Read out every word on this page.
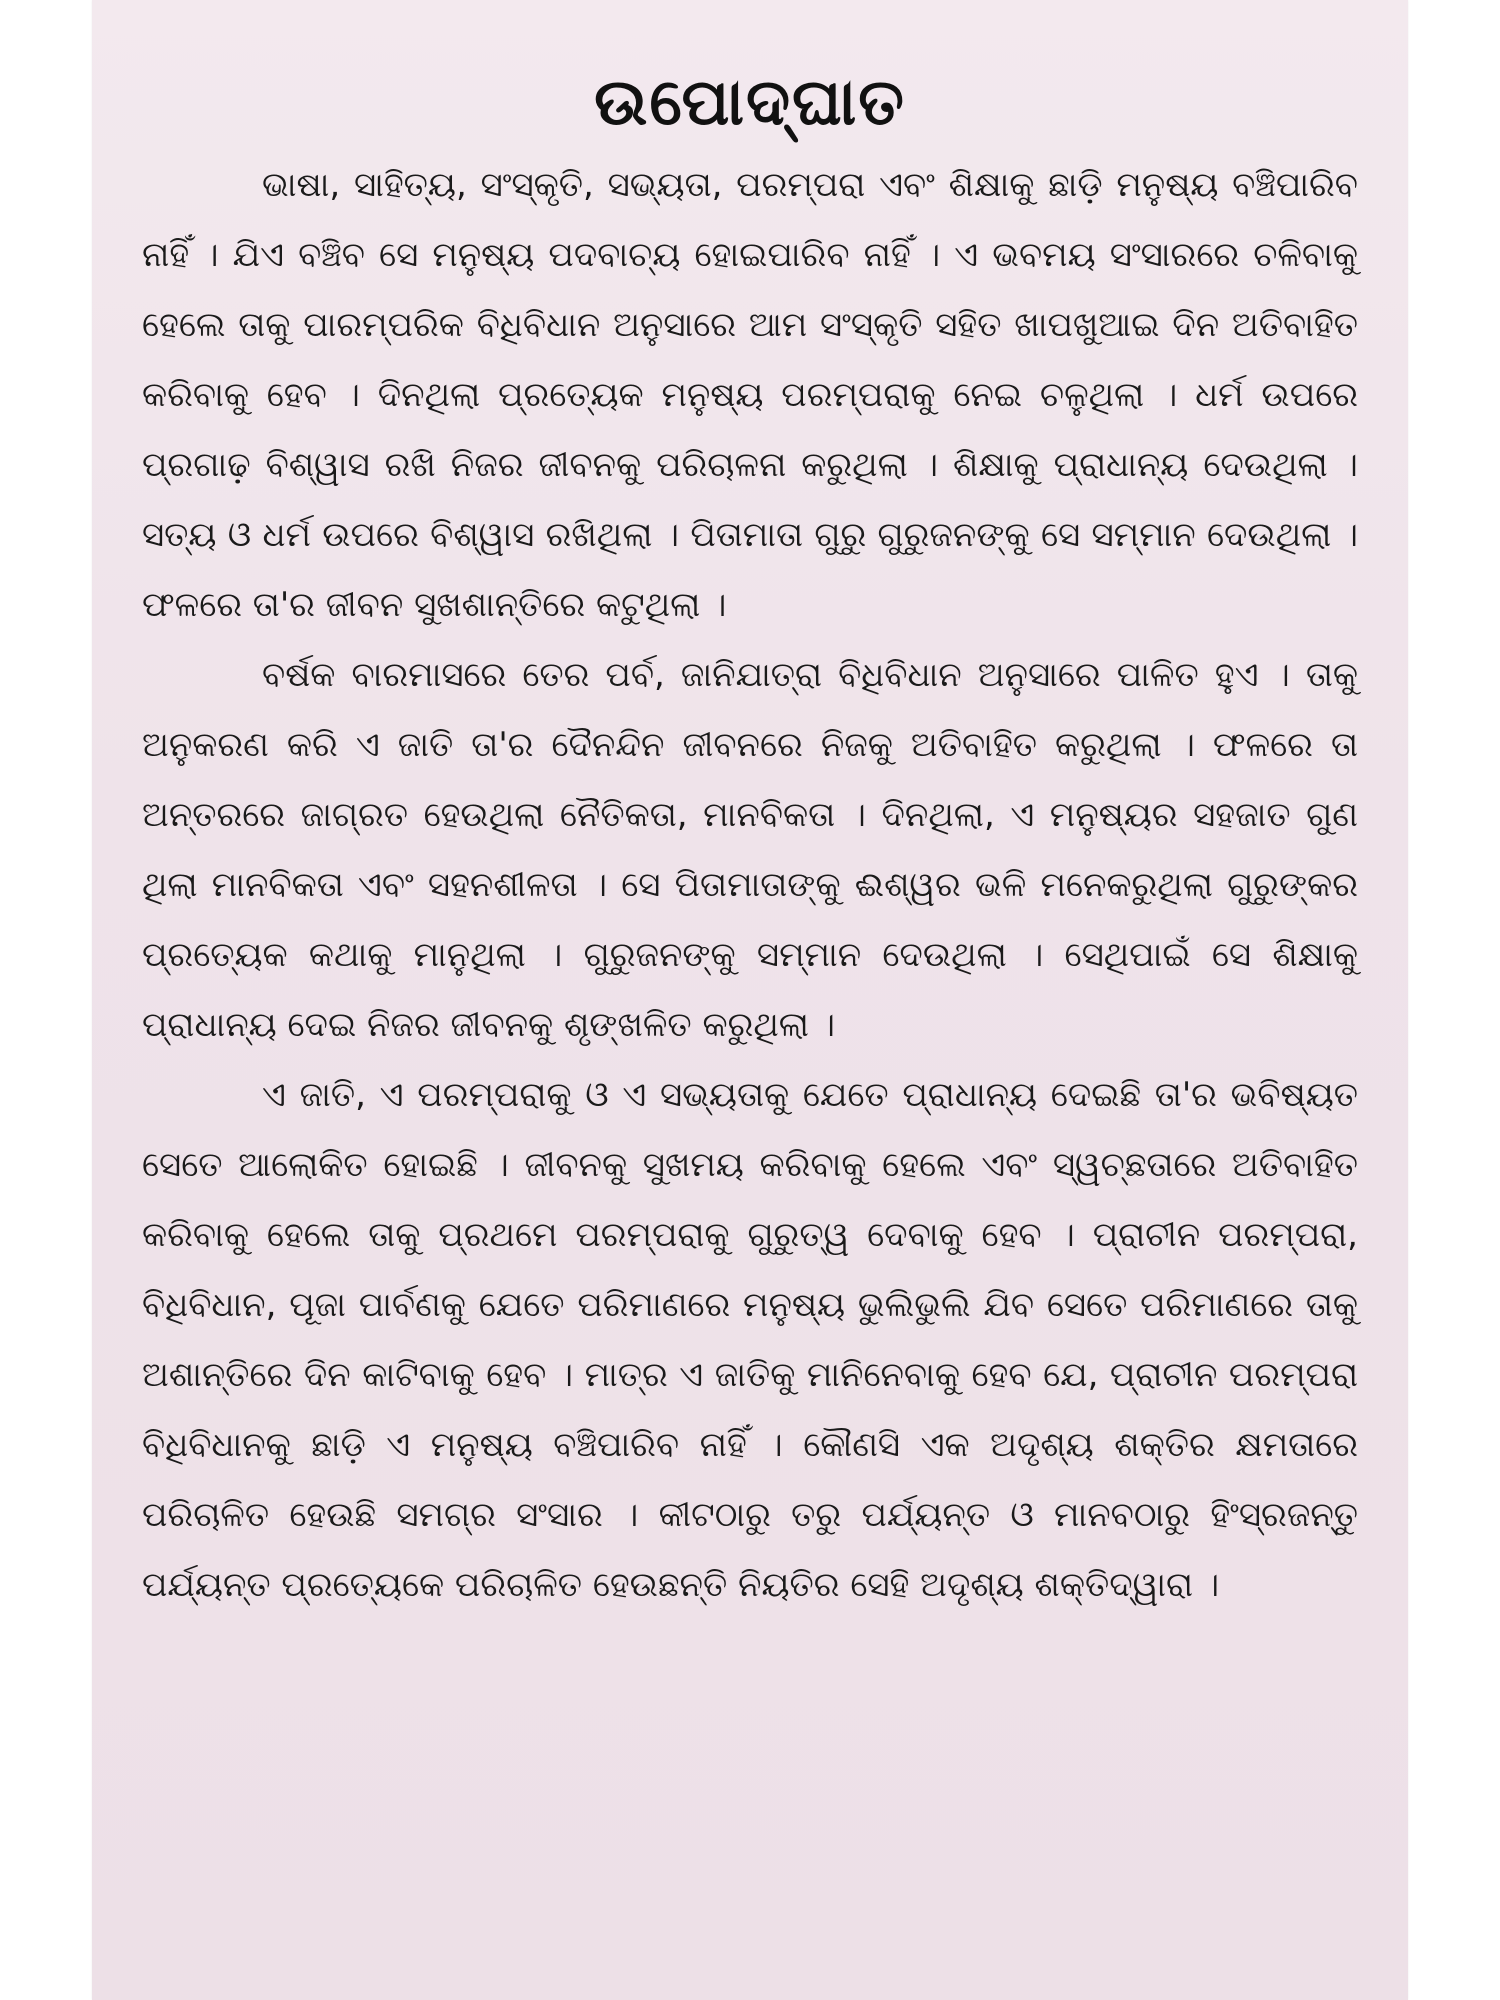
ଉପୋଦ୍‌ଘାତ

ଭାଷା, ସାହିତ୍ୟ, ସଂସ୍କୃତି, ସଭ୍ୟତା, ପରମ୍ପରା ଏବଂ ଶିକ୍ଷାକୁ ଛାଡ଼ି ମନୁଷ୍ୟ ବଞ୍ଚିପାରିବ ନାହିଁ । ଯିଏ ବଞ୍ଚିବ ସେ ମନୁଷ୍ୟ ପଦବାଚ୍ୟ ହୋଇପାରିବ ନାହିଁ । ଏ ଭବମୟ ସଂସାରରେ ଚଳିବାକୁ ହେଲେ ତାକୁ ପାରମ୍ପରିକ ବିଧିବିଧାନ ଅନୁସାରେ ଆମ ସଂସ୍କୃତି ସହିତ ଖାପଖୁଆଇ ଦିନ ଅତିବାହିତ କରିବାକୁ ହେବ । ଦିନଥିଲା ପ୍ରତ୍ୟେକ ମନୁଷ୍ୟ ପରମ୍ପରାକୁ ନେଇ ଚଳୁଥିଲା । ଧର୍ମ ଉପରେ ପ୍ରଗାଢ଼ ବିଶ୍ୱାସ ରଖି ନିଜର ଜୀବନକୁ ପରିଚାଳନା କରୁଥିଲା । ଶିକ୍ଷାକୁ ପ୍ରାଧାନ୍ୟ ଦେଉଥିଲା । ସତ୍ୟ ଓ ଧର୍ମ ଉପରେ ବିଶ୍ୱାସ ରଖିଥିଲା । ପିତାମାତା ଗୁରୁ ଗୁରୁଜନଙ୍କୁ ସେ ସମ୍ମାନ ଦେଉଥିଲା । ଫଳରେ ତା'ର ଜୀବନ ସୁଖଶାନ୍ତିରେ କଟୁଥିଲା ।

ବର୍ଷକ ବାରମାସରେ ତେର ପର୍ବ, ଜାନିଯାତ୍ରା ବିଧିବିଧାନ ଅନୁସାରେ ପାଳିତ ହୁଏ । ତାକୁ ଅନୁକରଣ କରି ଏ ଜାତି ତା'ର ଦୈନନ୍ଦିନ ଜୀବନରେ ନିଜକୁ ଅତିବାହିତ କରୁଥିଲା । ଫଳରେ ତା ଅନ୍ତରରେ ଜାଗ୍ରତ ହେଉଥିଲା ନୈତିକତା, ମାନବିକତା । ଦିନଥିଲା, ଏ ମନୁଷ୍ୟର ସହଜାତ ଗୁଣ ଥିଲା ମାନବିକତା ଏବଂ ସହନଶୀଳତା । ସେ ପିତାମାତାଙ୍କୁ ଈଶ୍ୱର ଭଳି ମନେକରୁଥିଲା ଗୁରୁଙ୍କର ପ୍ରତ୍ୟେକ କଥାକୁ ମାନୁଥିଲା । ଗୁରୁଜନଙ୍କୁ ସମ୍ମାନ ଦେଉଥିଲା । ସେଥିପାଇଁ ସେ ଶିକ୍ଷାକୁ ପ୍ରାଧାନ୍ୟ ଦେଇ ନିଜର ଜୀବନକୁ ଶୃଙ୍ଖଳିତ କରୁଥିଲା ।

ଏ ଜାତି, ଏ ପରମ୍ପରାକୁ ଓ ଏ ସଭ୍ୟତାକୁ ଯେତେ ପ୍ରାଧାନ୍ୟ ଦେଇଛି ତା'ର ଭବିଷ୍ୟତ ସେତେ ଆଲୋକିତ ହୋଇଛି । ଜୀବନକୁ ସୁଖମୟ କରିବାକୁ ହେଲେ ଏବଂ ସ୍ୱଚ୍ଛତାରେ ଅତିବାହିତ କରିବାକୁ ହେଲେ ତାକୁ ପ୍ରଥମେ ପରମ୍ପରାକୁ ଗୁରୁତ୍ୱ ଦେବାକୁ ହେବ । ପ୍ରାଚୀନ ପରମ୍ପରା, ବିଧିବିଧାନ, ପୂଜା ପାର୍ବଣକୁ ଯେତେ ପରିମାଣରେ ମନୁଷ୍ୟ ଭୁଲିଭୁଲି ଯିବ ସେତେ ପରିମାଣରେ ତାକୁ ଅଶାନ୍ତିରେ ଦିନ କାଟିବାକୁ ହେବ । ମାତ୍ର ଏ ଜାତିକୁ ମାନିନେବାକୁ ହେବ ଯେ, ପ୍ରାଚୀନ ପରମ୍ପରା ବିଧିବିଧାନକୁ ଛାଡ଼ି ଏ ମନୁଷ୍ୟ ବଞ୍ଚିପାରିବ ନାହିଁ । କୌଣସି ଏକ ଅଦୃଶ୍ୟ ଶକ୍ତିର କ୍ଷମତାରେ ପରିଚାଳିତ ହେଉଛି ସମଗ୍ର ସଂସାର । କୀଟଠାରୁ ତରୁ ପର୍ଯ୍ୟନ୍ତ ଓ ମାନବଠାରୁ ହିଂସ୍ରଜନ୍ତୁ ପର୍ଯ୍ୟନ୍ତ ପ୍ରତ୍ୟେକେ ପରିଚାଳିତ ହେଉଛନ୍ତି ନିୟତିର ସେହି ଅଦୃଶ୍ୟ ଶକ୍ତିଦ୍ୱାରା ।
